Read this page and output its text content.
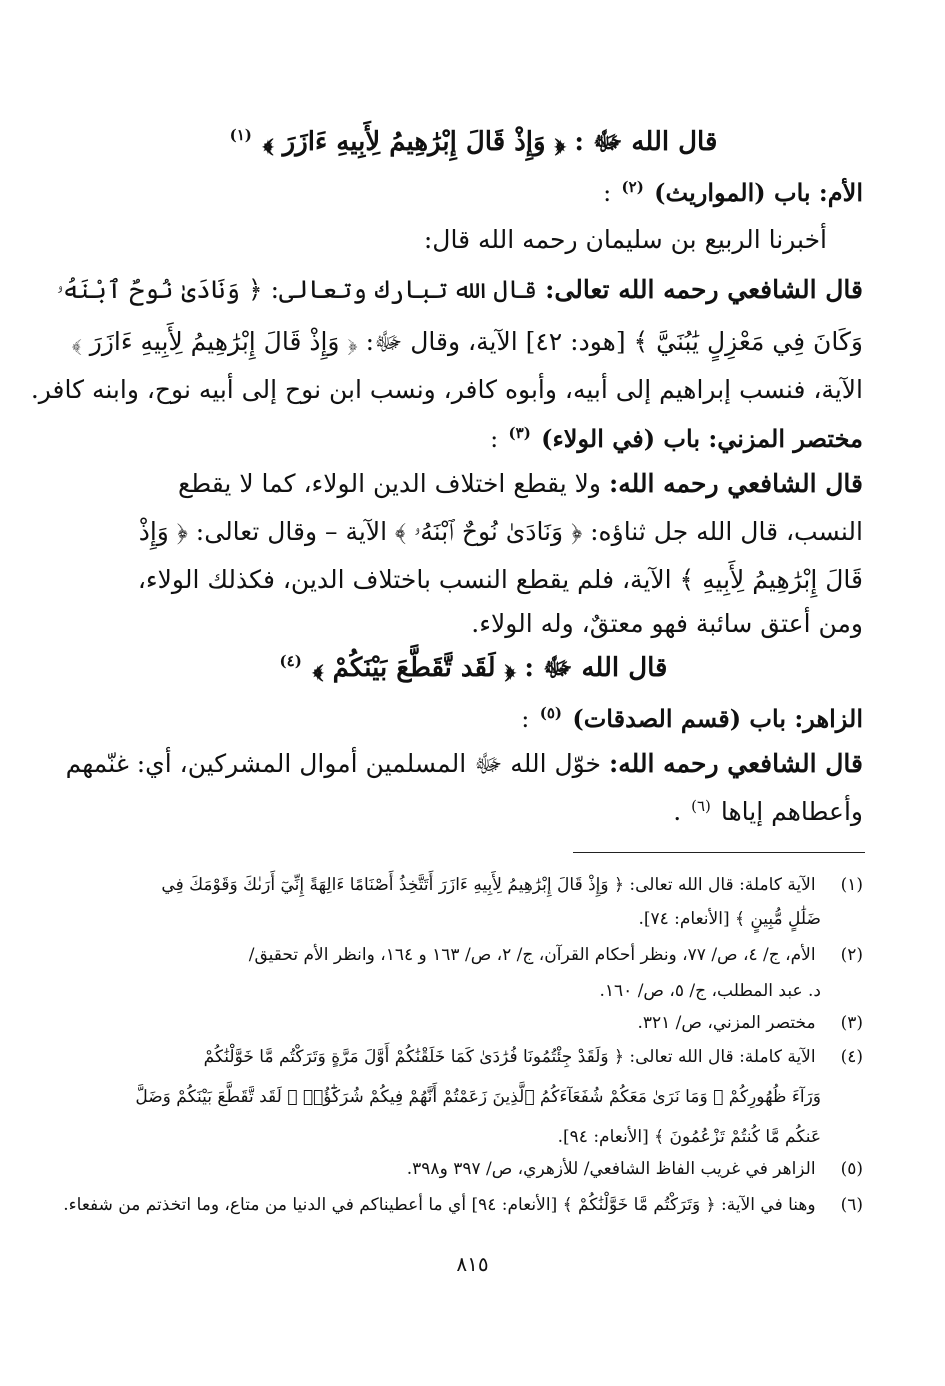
قال الله ﷻ : ﴿ وَإِذْ قَالَ إِبْرَٰهِيمُ لِأَبِيهِ ءَازَرَ ﴾ $^{(١)}$
الأم: باب (المواريث) $^{(٢)}$ :
أخبرنا الربيع بن سليمان رحمه الله قال:
قال الشافعي رحمه الله تعالى: قال الله تبارك وتعالى: ﴿ وَنَادَىٰ نُوحٌ ٱبْنَهُۥ
وَكَانَ فِي مَعْزِلٍ يَٰبُنَيَّ ﴾ [هود: ٤٢] الآية، وقال ﷻ: ﴿ وَإِذْ قَالَ إِبْرَٰهِيمُ لِأَبِيهِ ءَازَرَ ﴾
الآية، فنسب إبراهيم إلى أبيه، وأبوه كافر، ونسب ابن نوح إلى أبيه نوح، وابنه كافر.
مختصر المزني: باب (في الولاء) $^{(٣)}$ :
قال الشافعي رحمه الله: ولا يقطع اختلاف الدين الولاء، كما لا يقطع
النسب، قال الله جل ثناؤه: ﴿ وَنَادَىٰ نُوحٌ ٱبْنَهُۥ ﴾ الآية – وقال تعالى: ﴿ وَإِذْ
قَالَ إِبْرَٰهِيمُ لِأَبِيهِ ﴾ الآية، فلم يقطع النسب باختلاف الدين، فكذلك الولاء،
ومن أعتق سائبة فهو معتقٌ، وله الولاء.
قال الله ﷻ : ﴿ لَقَد تَّقَطَّعَ بَيْنَكُمْ ﴾ $^{(٤)}$
الزاهر: باب (قسم الصدقات) $^{(٥)}$ :
قال الشافعي رحمه الله: خوّل الله ﷻ المسلمين أموال المشركين، أي: غنّمهم
وأعطاهم إياها $^{(٦)}$ .
(١) الآية كاملة: قال الله تعالى: ﴿ وَإِذْ قَالَ إِبْرَٰهِيمُ لِأَبِيهِ ءَازَرَ أَتَتَّخِذُ أَصْنَامًا ءَالِهَةً إِنِّيٓ أَرَىٰكَ وَقَوْمَكَ فِي
ضَلَٰلٍ مُّبِينٍ ﴾ [الأنعام: ٧٤].
(٢) الأم، ج/ ٤، ص/ ٧٧، ونظر أحكام القرآن، ج/ ٢، ص/ ١٦٣ و ١٦٤، وانظر الأم تحقيق/
د. عبد المطلب، ج/ ٥، ص/ ١٦٠.
(٣) مختصر المزني، ص/ ٣٢١.
(٤) الآية كاملة: قال الله تعالى: ﴿ وَلَقَدْ جِئْتُمُونَا فُرَٰدَىٰ كَمَا خَلَقْنَٰكُمْ أَوَّلَ مَرَّةٍ وَتَرَكْتُم مَّا خَوَّلْنَٰكُمْ
وَرَآءَ ظُهُورِكُمْ ۖ وَمَا نَرَىٰ مَعَكُمْ شُفَعَآءَكُمُ ٱلَّذِينَ زَعَمْتُمْ أَنَّهُمْ فِيكُمْ شُرَكَٰٓؤُا۟ ۚ لَقَد تَّقَطَّعَ بَيْنَكُمْ وَضَلَّ
عَنكُم مَّا كُنتُمْ تَزْعُمُونَ ﴾ [الأنعام: ٩٤].
(٥) الزاهر في غريب الفاظ الشافعي/ للأزهري، ص/ ٣٩٧ و٣٩٨.
(٦) وهنا في الآية: ﴿ وَتَرَكْتُم مَّا خَوَّلْنَٰكُمْ ﴾ [الأنعام: ٩٤] أي ما أعطيناكم في الدنيا من متاع، وما اتخذتم من شفعاء.
٨١٥
